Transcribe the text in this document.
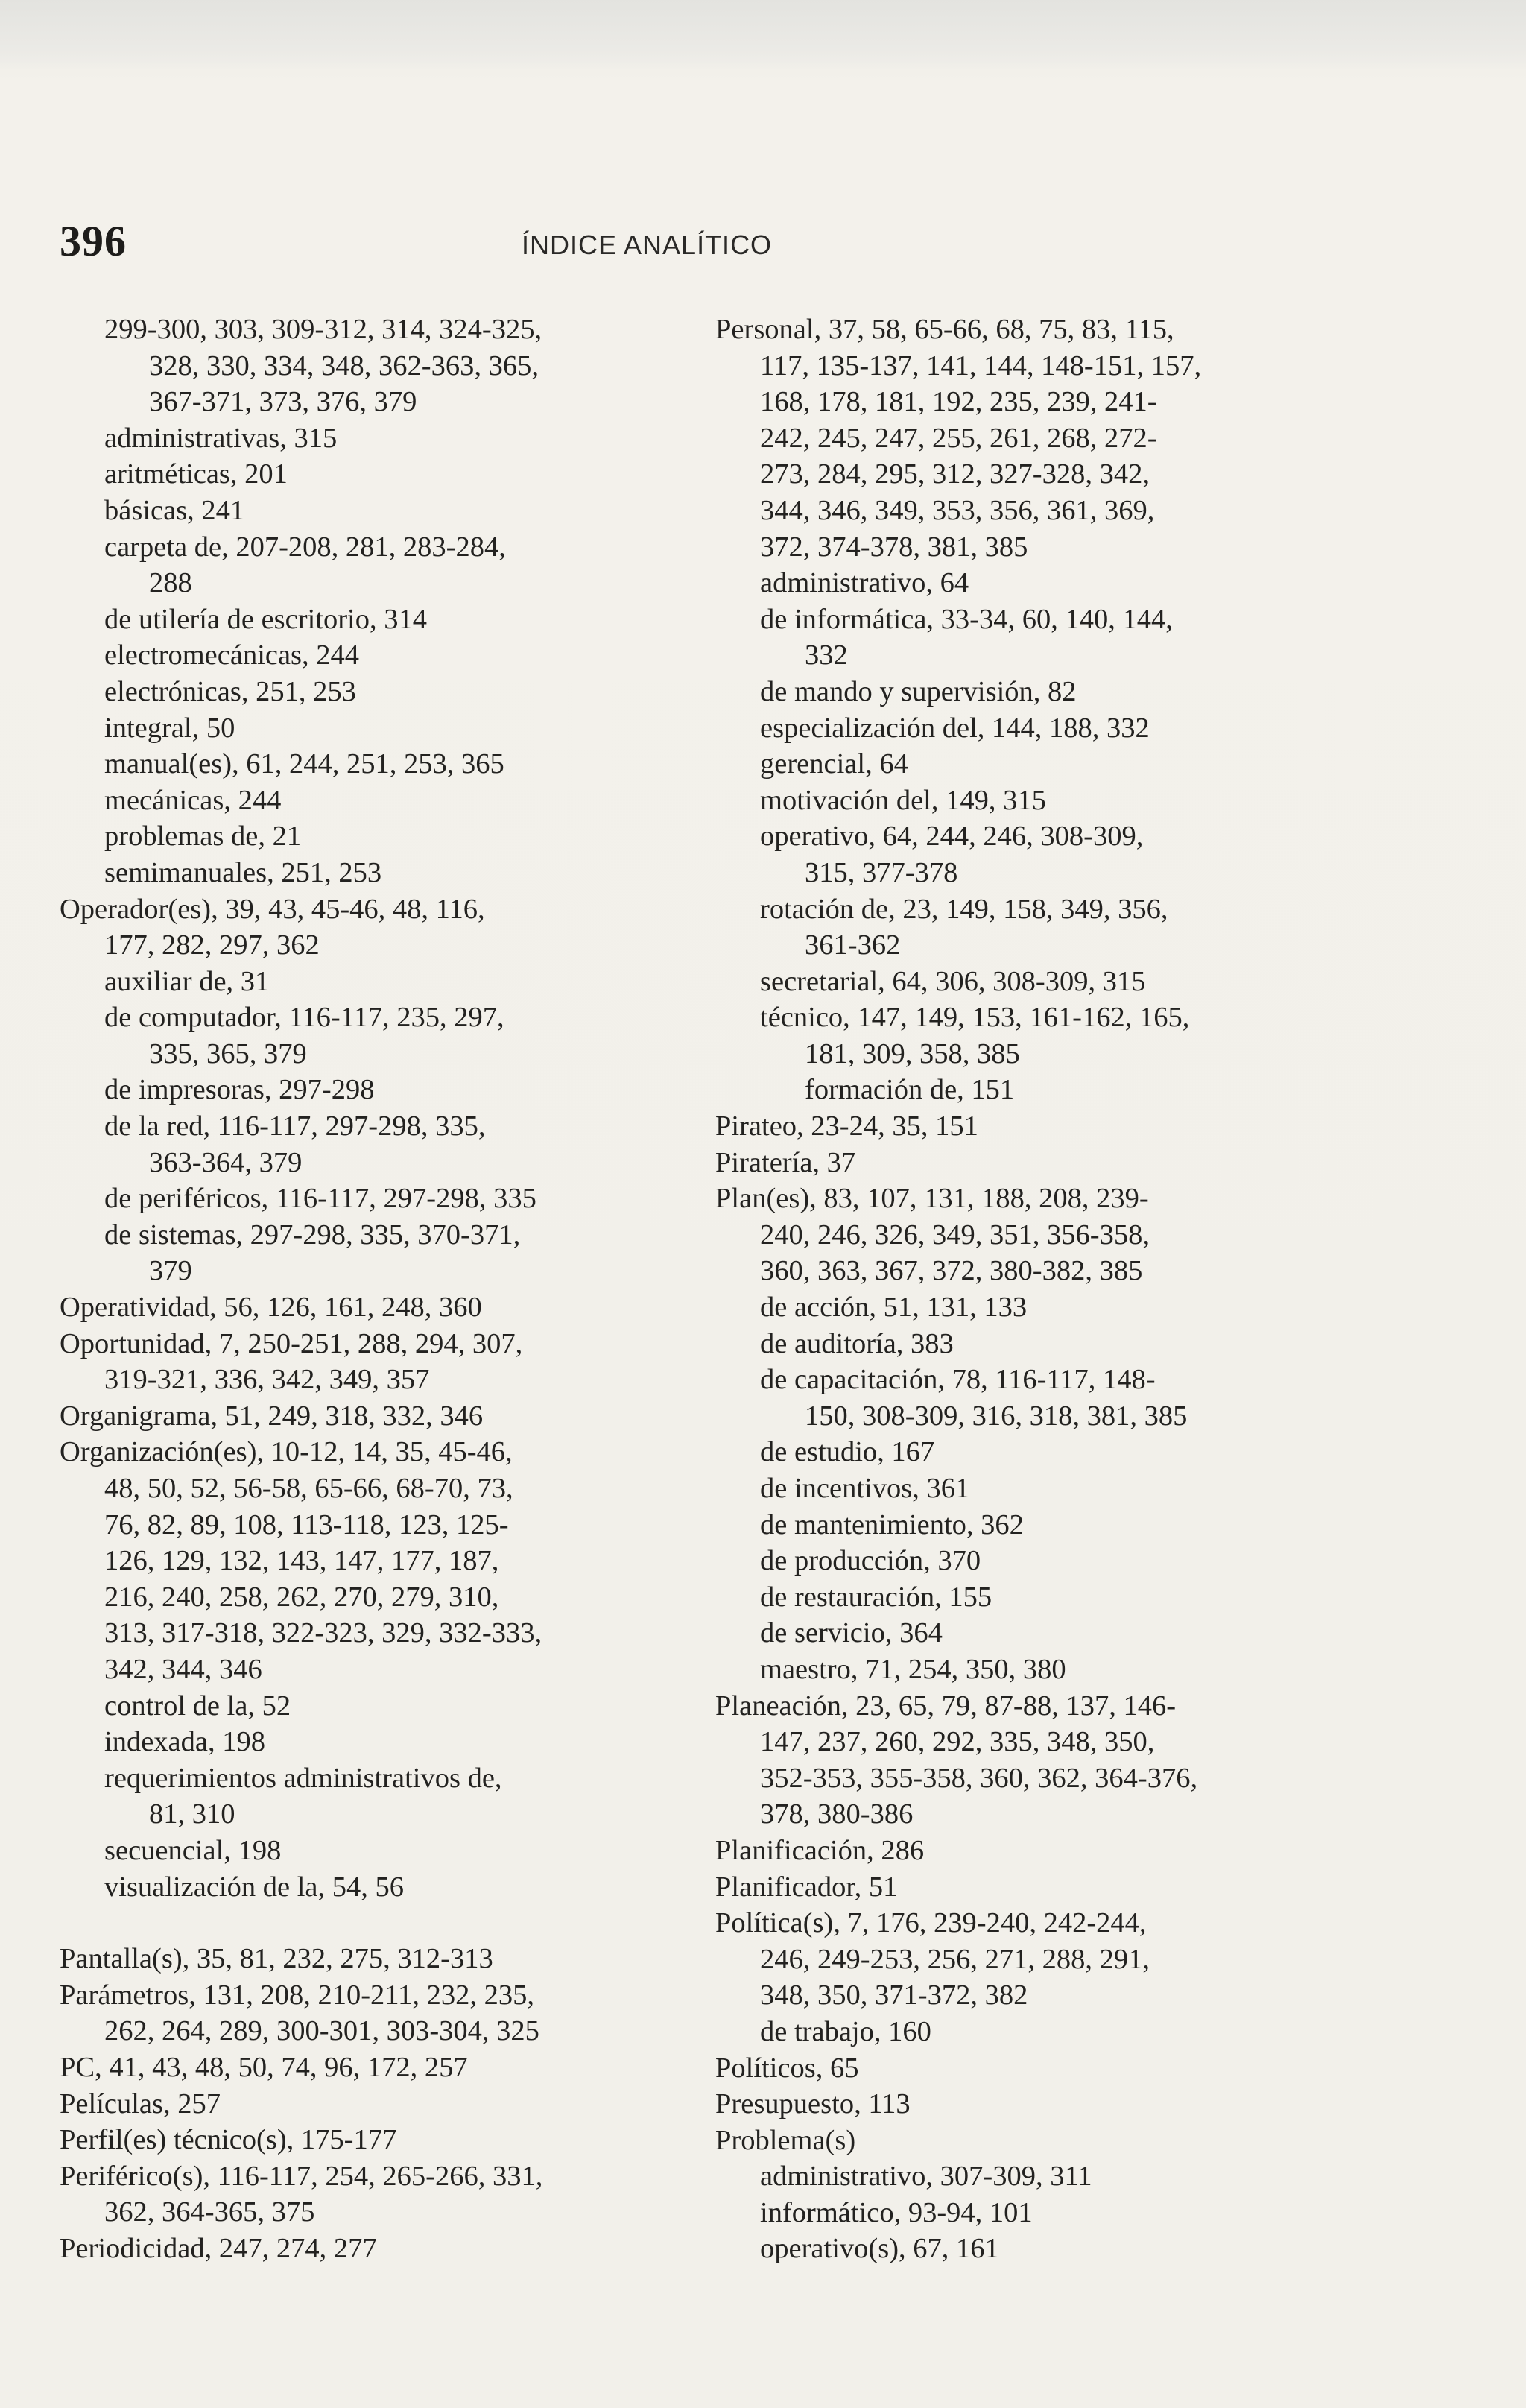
396	ÍNDICE ANALÍTICO
299-300, 303, 309-312, 314, 324-325,
328, 330, 334, 348, 362-363, 365,
367-371, 373, 376, 379
administrativas, 315
aritméticas, 201
básicas, 241
carpeta de, 207-208, 281, 283-284,
288
de utilería de escritorio, 314
electromecánicas, 244
electrónicas, 251, 253
integral, 50
manual(es), 61, 244, 251, 253, 365
mecánicas, 244
problemas de, 21
semimanuales, 251, 253
Operador(es), 39, 43, 45-46, 48, 116,
177, 282, 297, 362
auxiliar de, 31
de computador, 116-117, 235, 297,
335, 365, 379
de impresoras, 297-298
de la red, 116-117, 297-298, 335,
363-364, 379
de periféricos, 116-117, 297-298, 335
de sistemas, 297-298, 335, 370-371,
379
Operatividad, 56, 126, 161, 248, 360
Oportunidad, 7, 250-251, 288, 294, 307,
319-321, 336, 342, 349, 357
Organigrama, 51, 249, 318, 332, 346
Organización(es), 10-12, 14, 35, 45-46,
48, 50, 52, 56-58, 65-66, 68-70, 73,
76, 82, 89, 108, 113-118, 123, 125-
126, 129, 132, 143, 147, 177, 187,
216, 240, 258, 262, 270, 279, 310,
313, 317-318, 322-323, 329, 332-333,
342, 344, 346
control de la, 52
indexada, 198
requerimientos administrativos de,
81, 310
secuencial, 198
visualización de la, 54, 56
Pantalla(s), 35, 81, 232, 275, 312-313
Parámetros, 131, 208, 210-211, 232, 235,
262, 264, 289, 300-301, 303-304, 325
PC, 41, 43, 48, 50, 74, 96, 172, 257
Películas, 257
Perfil(es) técnico(s), 175-177
Periférico(s), 116-117, 254, 265-266, 331,
362, 364-365, 375
Periodicidad, 247, 274, 277
Personal, 37, 58, 65-66, 68, 75, 83, 115,
117, 135-137, 141, 144, 148-151, 157,
168, 178, 181, 192, 235, 239, 241-
242, 245, 247, 255, 261, 268, 272-
273, 284, 295, 312, 327-328, 342,
344, 346, 349, 353, 356, 361, 369,
372, 374-378, 381, 385
administrativo, 64
de informática, 33-34, 60, 140, 144,
332
de mando y supervisión, 82
especialización del, 144, 188, 332
gerencial, 64
motivación del, 149, 315
operativo, 64, 244, 246, 308-309,
315, 377-378
rotación de, 23, 149, 158, 349, 356,
361-362
secretarial, 64, 306, 308-309, 315
técnico, 147, 149, 153, 161-162, 165,
181, 309, 358, 385
formación de, 151
Pirateo, 23-24, 35, 151
Piratería, 37
Plan(es), 83, 107, 131, 188, 208, 239-
240, 246, 326, 349, 351, 356-358,
360, 363, 367, 372, 380-382, 385
de acción, 51, 131, 133
de auditoría, 383
de capacitación, 78, 116-117, 148-
150, 308-309, 316, 318, 381, 385
de estudio, 167
de incentivos, 361
de mantenimiento, 362
de producción, 370
de restauración, 155
de servicio, 364
maestro, 71, 254, 350, 380
Planeación, 23, 65, 79, 87-88, 137, 146-
147, 237, 260, 292, 335, 348, 350,
352-353, 355-358, 360, 362, 364-376,
378, 380-386
Planificación, 286
Planificador, 51
Política(s), 7, 176, 239-240, 242-244,
246, 249-253, 256, 271, 288, 291,
348, 350, 371-372, 382
de trabajo, 160
Políticos, 65
Presupuesto, 113
Problema(s)
administrativo, 307-309, 311
informático, 93-94, 101
operativo(s), 67, 161
